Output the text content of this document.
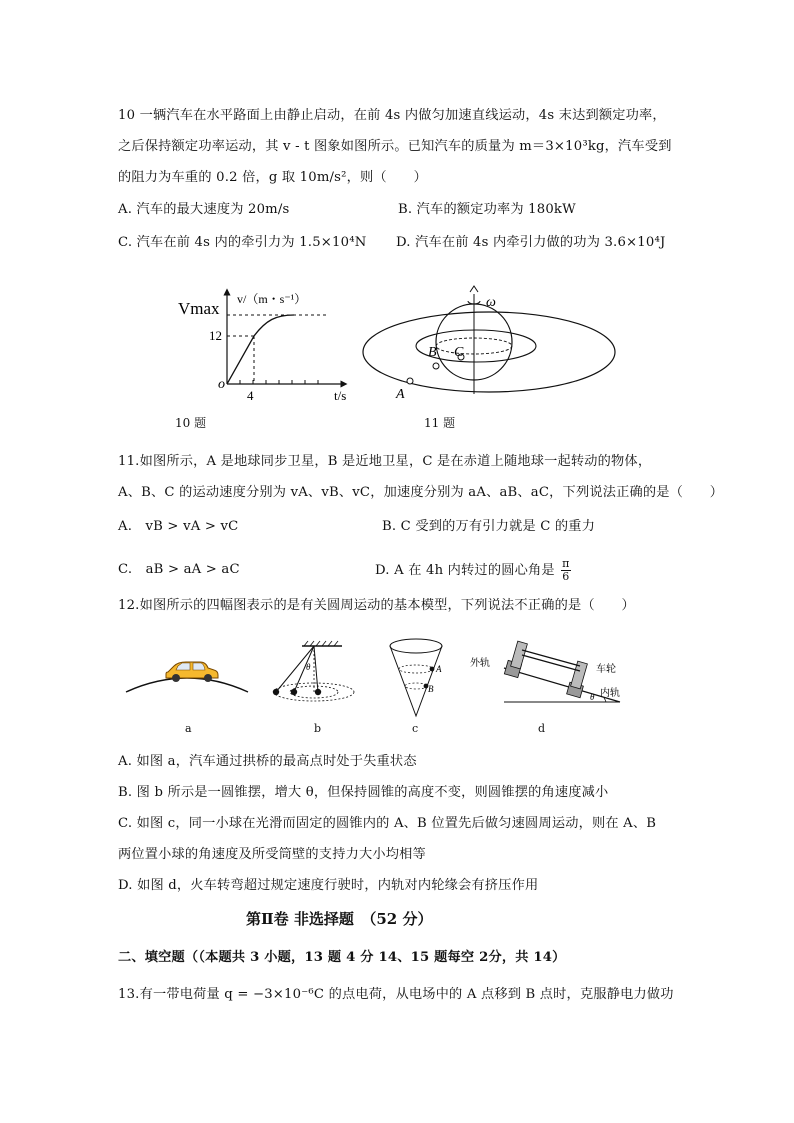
10 一辆汽车在水平路面上由静止启动，在前 4s 内做匀加速直线运动，4s 末达到额定功率，
之后保持额定功率运动，其 v - t 图象如图所示。已知汽车的质量为 m＝3×10³kg，汽车受到
的阻力为车重的 0.2 倍，g 取 10m/s²，则（　　）
A. 汽车的最大速度为 20m/s	B. 汽车的额定功率为 180kW
C. 汽车在前 4s 内的牵引力为 1.5×10⁴N D. 汽车在前 4s 内牵引力做的功为 3.6×10⁴J
Vmax v/（m・s⁻¹）
12
o
4	t/s
10 题
ω
B C
A
11 题
11.如图所示，A 是地球同步卫星，B 是近地卫星，C 是在赤道上随地球一起转动的物体，
A、B、C 的运动速度分别为 vA、vB、vC，加速度分别为 aA、aB、aC，下列说法正确的是（　　）
A.　vB > vA > vC	B. C 受到的万有引力就是 C 的重力
C.　aB > aA > aC	D. A 在 4h 内转过的圆心角是 $\frac{\pi}{6}$
12.如图所示的四幅图表示的是有关圆周运动的基本模型，下列说法不正确的是（　　）
a
θ
b
A
B
c
θ
外轨
车轮
内轨
d
A. 如图 a，汽车通过拱桥的最高点时处于失重状态
B. 图 b 所示是一圆锥摆，增大 θ，但保持圆锥的高度不变，则圆锥摆的角速度减小
C. 如图 c，同一小球在光滑而固定的圆锥内的 A、B 位置先后做匀速圆周运动，则在 A、B
两位置小球的角速度及所受筒壁的支持力大小均相等
D. 如图 d，火车转弯超过规定速度行驶时，内轨对内轮缘会有挤压作用
第Ⅱ卷 非选择题　（52 分）
二、填空题（（本题共 3 小题，13 题 4 分 14、15 题每空 2分，共 14）
13.有一带电荷量 q = −3×10⁻⁶C 的点电荷，从电场中的 A 点移到 B 点时，克服静电力做功
